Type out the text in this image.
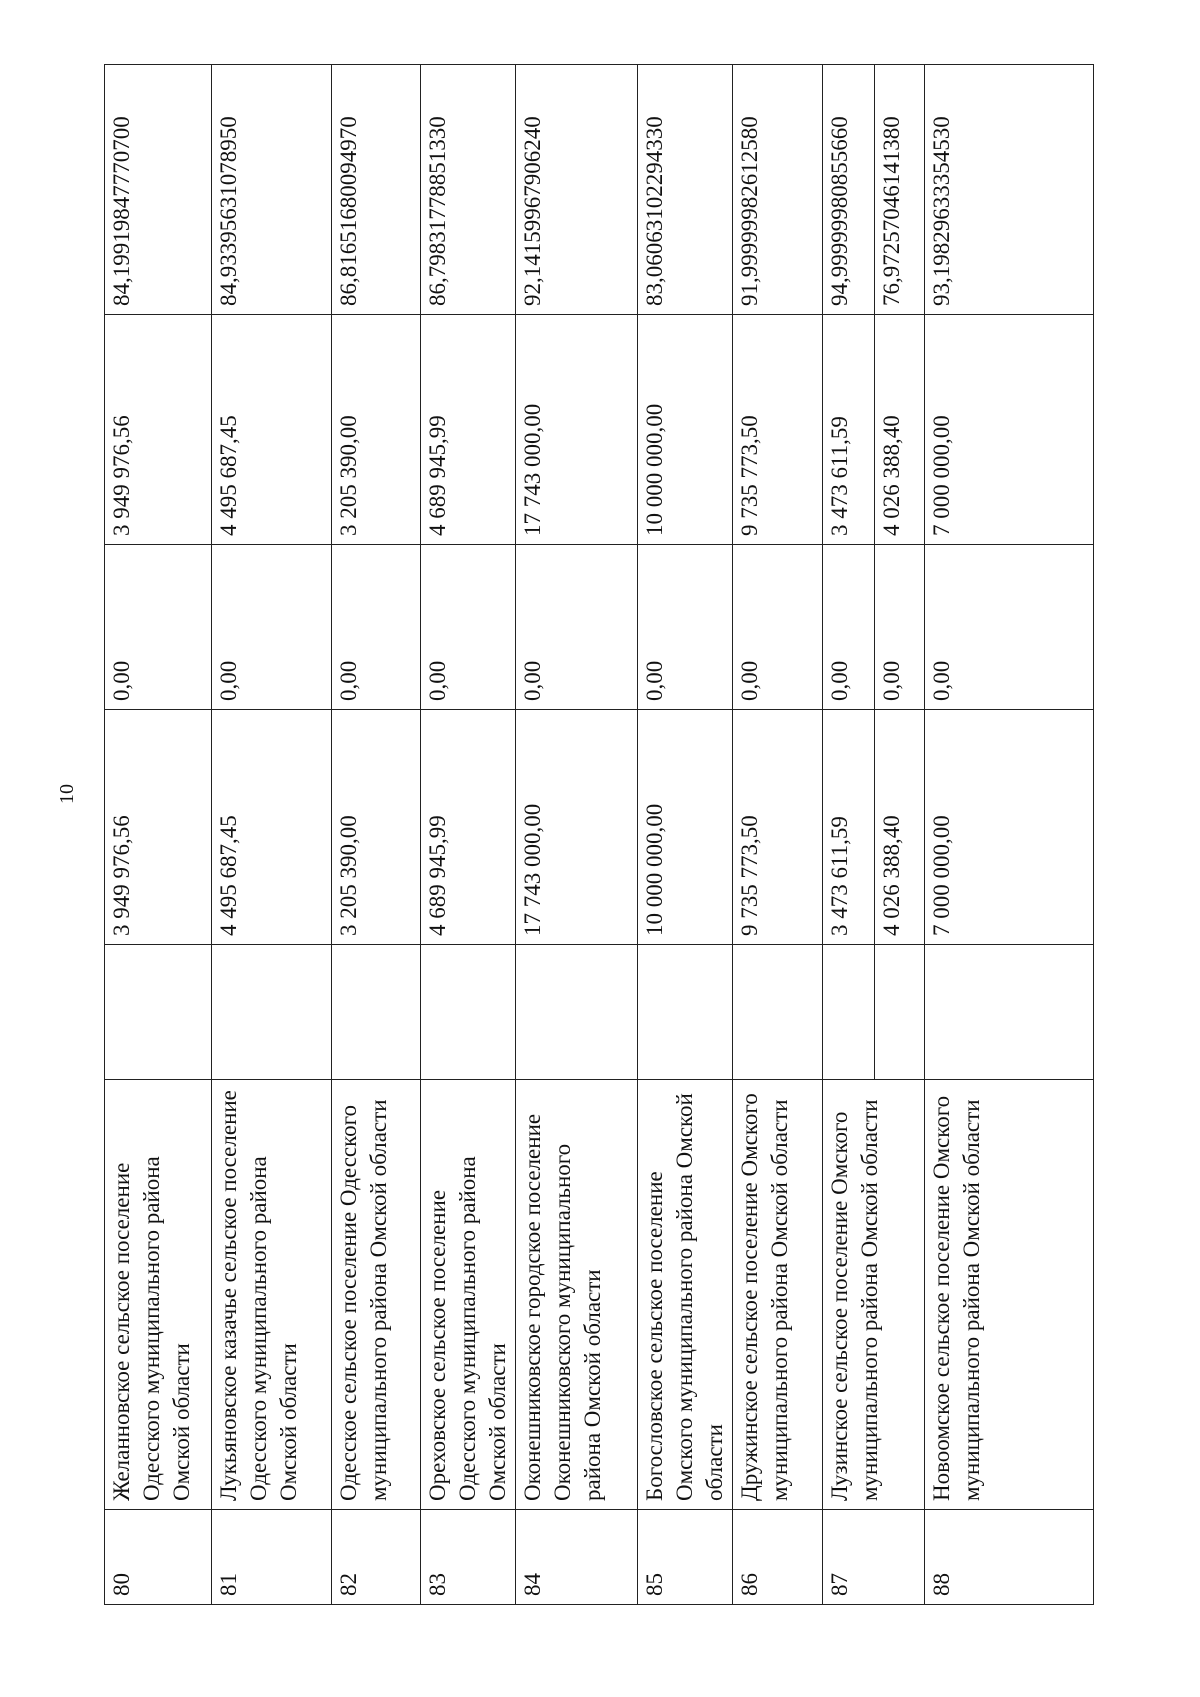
10
80	Желанновское сельское поселение Одесского муниципального района Омской области		3 949 976,56	0,00	3 949 976,56	84,19919847770700
81	Лукьяновское казачье сельское поселение Одесского муниципального района Омской области		4 495 687,45	0,00	4 495 687,45	84,93395631078950
82	Одесское сельское поселение Одесского муниципального района Омской области		3 205 390,00	0,00	3 205 390,00	86,81651680094970
83	Ореховское сельское поселение Одесского муниципального района Омской области		4 689 945,99	0,00	4 689 945,99	86,79831778851330
84	Оконешниковское городское поселение Оконешниковского муниципального района Омской области		17 743 000,00	0,00	17 743 000,00	92,14159967906240
85	Богословское сельское поселение Омского муниципального района Омской области		10 000 000,00	0,00	10 000 000,00	83,06063102294330
86	Дружинское сельское поселение Омского муниципального района Омской области		9 735 773,50	0,00	9 735 773,50	91,99999982612580
87	Лузинское сельское поселение Омского муниципального района Омской области		3 473 611,59	0,00	3 473 611,59	94,99999980855660
			4 026 388,40	0,00	4 026 388,40	76,97257046141380
88	Новоомское сельское поселение Омского муниципального района Омской области		7 000 000,00	0,00	7 000 000,00	93,19829633354530
